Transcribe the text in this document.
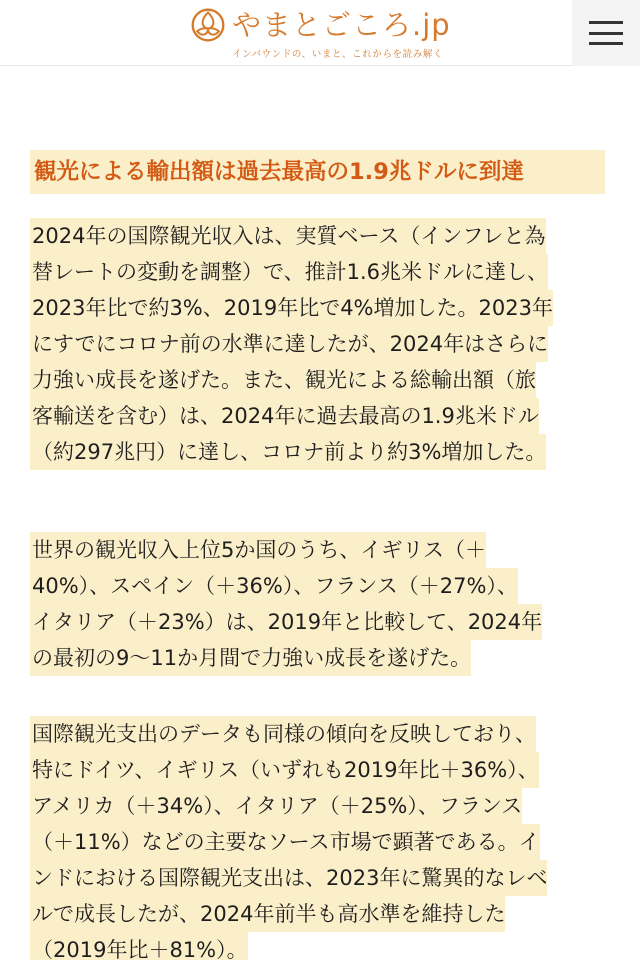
やまとごころ.jp
インバウンドの、いまと、これからを読み解く
観光による輸出額は過去最高の1.9兆ドルに到達

2024年の国際観光収入は、実質ベース（インフレと為
替レートの変動を調整）で、推計1.6兆米ドルに達し、
2023年比で約3%、2019年比で4%増加した。2023年
にすでにコロナ前の水準に達したが、2024年はさらに
力強い成長を遂げた。また、観光による総輸出額（旅
客輸送を含む）は、2024年に過去最高の1.9兆米ドル
（約297兆円）に達し、コロナ前より約3%増加した。

世界の観光収入上位5か国のうち、イギリス（＋
40%）、スペイン（＋36%）、フランス（＋27%）、
イタリア（＋23%）は、2019年と比較して、2024年
の最初の9〜11か月間で力強い成長を遂げた。

国際観光支出のデータも同様の傾向を反映しており、
特にドイツ、イギリス（いずれも2019年比＋36%）、
アメリカ（＋34%）、イタリア（＋25%）、フランス
（＋11%）などの主要なソース市場で顕著である。イ
ンドにおける国際観光支出は、2023年に驚異的なレベ
ルで成長したが、2024年前半も高水準を維持した
（2019年比＋81%）。
